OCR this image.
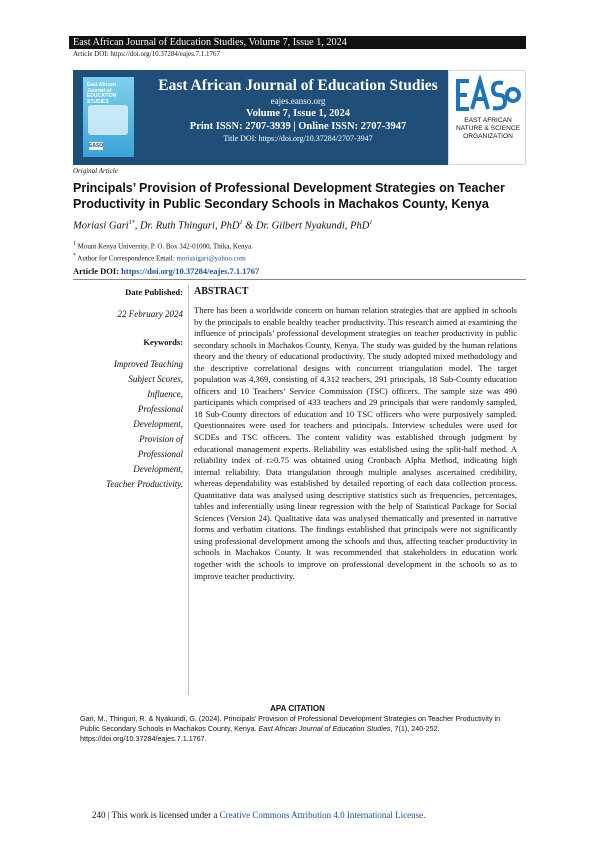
East African Journal of Education Studies, Volume 7, Issue 1, 2024
Article DOI: https://doi.org/10.37284/eajes.7.1.1767
East African Journal of EDUCATION STUDIES
EASO
East African Journal of Education Studies
eajes.eanso.org
Volume 7, Issue 1, 2024
Print ISSN: 2707-3939 | Online ISSN: 2707-3947
Title DOI: https://doi.org/10.37284/2707-3947
EAST AFRICAN NATURE & SCIENCE ORGANIZATION
Original Article
Principals’ Provision of Professional Development Strategies on Teacher Productivity in Public Secondary Schools in Machakos County, Kenya
Moriasi Gari$^{1*}$, Dr. Ruth Thinguri, PhD$^1$ & Dr. Gilbert Nyakundi, PhD$^1$
$^1$ Mount Kenya University, P. O. Box 342-01000, Thika, Kenya.
* Author for Correspondence Email: moriasigari@yahoo.com
Article DOI: https://doi.org/10.37284/eajes.7.1.1767
Date Published:
22 February 2024
Keywords:
Improved Teaching
Subject Scores,
Influence,
Professional
Development,
Provision of
Professional
Development,
Teacher Productivity.
ABSTRACT

There has been a worldwide concern on human relation strategies that are applied in schools by the principals to enable healthy teacher productivity. This research aimed at examining the influence of principals’ professional development strategies on teacher productivity in public secondary schools in Machakos County, Kenya. The study was guided by the human relations theory and the theory of educational productivity. The study adopted mixed methodology and the descriptive correlational designs with concurrent triangulation model. The target population was 4,369, consisting of 4,312 teachers, 291 principals, 18 Sub-County education officers and 10 Teachers’ Service Commission (TSC) officers. The sample size was 490 participants which comprised of 433 teachers and 29 principals that were randomly sampled, 18 Sub-County directors of education and 10 TSC officers who were purposively sampled. Questionnaires were used for teachers and principals. Interview schedules were used for SCDEs and TSC officers. The content validity was established through judgment by educational management experts. Reliability was established using the split-half method. A reliability index of r≥0.75 was obtained using Cronbach Alpha Method, indicating high internal reliability. Data triangulation through multiple analyses ascertained credibility, whereas dependability was established by detailed reporting of each data collection process. Quantitative data was analysed using descriptive statistics such as frequencies, percentages, tables and inferentially using linear regression with the help of Statistical Package for Social Sciences (Version 24). Qualitative data was analysed thematically and presented in narrative forms and verbatim citations. The findings established that principals were not significantly using professional development among the schools and thus, affecting teacher productivity in schools in Machakos County. It was recommended that stakeholders in education work together with the schools to improve on professional development in the schools so as to improve teacher productivity.

APA CITATION
Gari, M., Thinguri, R. & Nyakundi, G. (2024). Principals’ Provision of Professional Development Strategies on Teacher Productivity in Public Secondary Schools in Machakos County, Kenya. East African Journal of Education Studies, 7(1), 240-252. https://doi.org/10.37284/eajes.7.1.1767.
240 | This work is licensed under a Creative Commons Attribution 4.0 International License.
